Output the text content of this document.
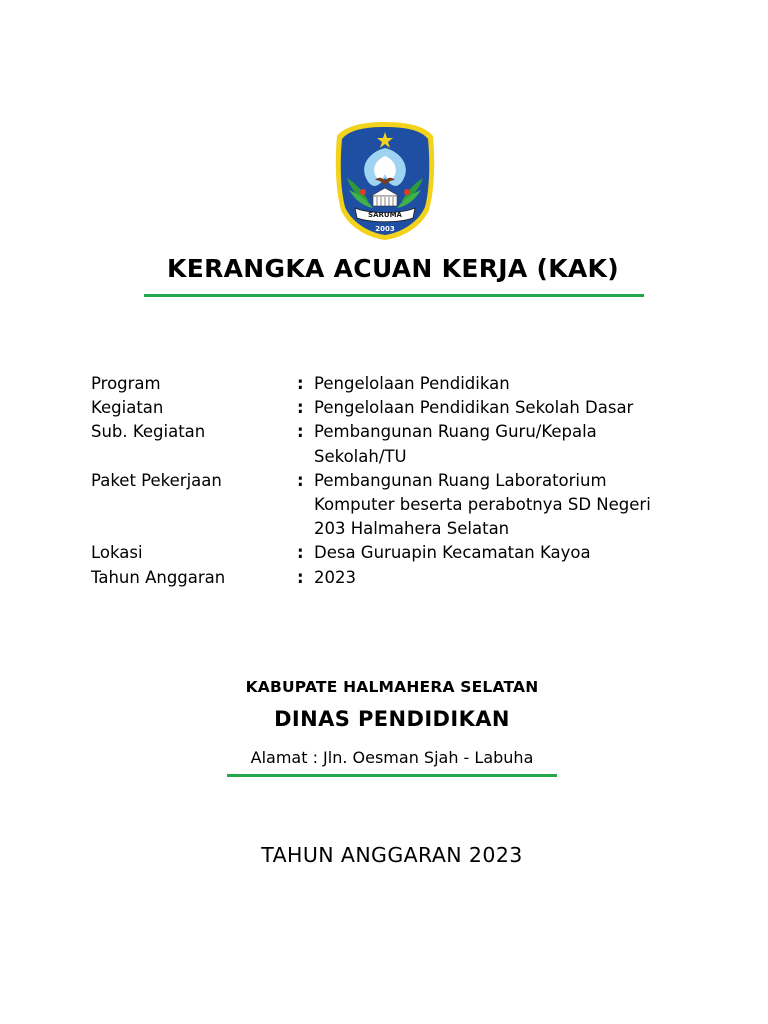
SARUMA
2003
KERANGKA ACUAN KERJA (KAK)
Program	: Pengelolaan Pendidikan
Kegiatan	: Pengelolaan Pendidikan Sekolah Dasar
Sub. Kegiatan	: Pembangunan Ruang Guru/Kepala Sekolah/TU
Paket Pekerjaan	: Pembangunan Ruang Laboratorium Komputer beserta perabotnya SD Negeri 203 Halmahera Selatan
Lokasi	: Desa Guruapin Kecamatan Kayoa
Tahun Anggaran	: 2023
KABUPATE HALMAHERA SELATAN
DINAS PENDIDIKAN
Alamat : Jln. Oesman Sjah - Labuha
TAHUN ANGGARAN 2023
